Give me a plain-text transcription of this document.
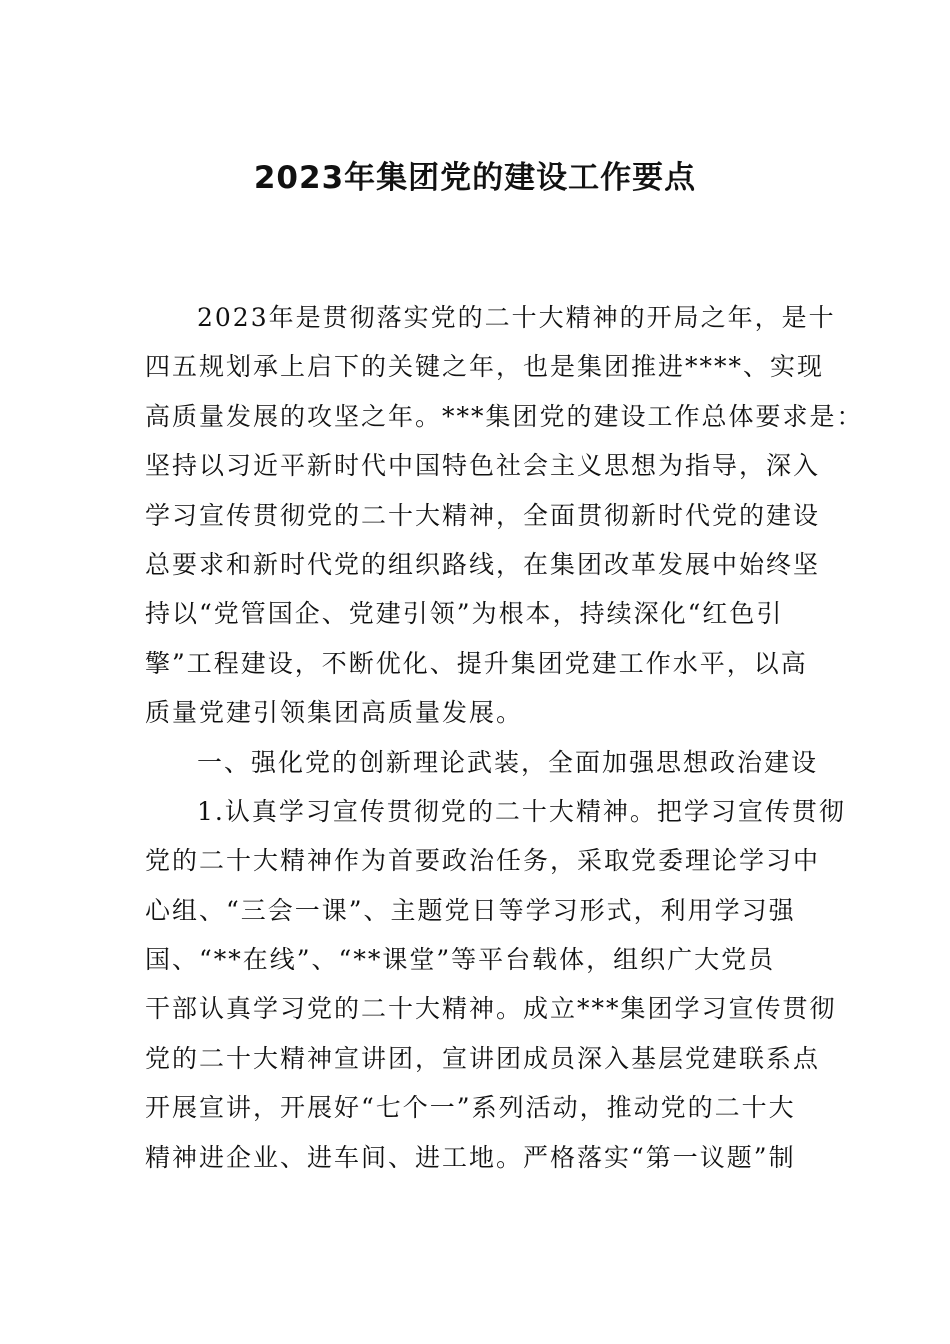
2023年集团党的建设工作要点
2023年是贯彻落实党的二十大精神的开局之年，是十
四五规划承上启下的关键之年，也是集团推进****、实现
高质量发展的攻坚之年。***集团党的建设工作总体要求是：
坚持以习近平新时代中国特色社会主义思想为指导，深入
学习宣传贯彻党的二十大精神，全面贯彻新时代党的建设
总要求和新时代党的组织路线，在集团改革发展中始终坚
持以“党管国企、党建引领”为根本，持续深化“红色引
擎”工程建设，不断优化、提升集团党建工作水平，以高
质量党建引领集团高质量发展。
一、强化党的创新理论武装，全面加强思想政治建设
1.认真学习宣传贯彻党的二十大精神。把学习宣传贯彻
党的二十大精神作为首要政治任务，采取党委理论学习中
心组、“三会一课”、主题党日等学习形式，利用学习强
国、“**在线”、“**课堂”等平台载体，组织广大党员
干部认真学习党的二十大精神。成立***集团学习宣传贯彻
党的二十大精神宣讲团，宣讲团成员深入基层党建联系点
开展宣讲，开展好“七个一”系列活动，推动党的二十大
精神进企业、进车间、进工地。严格落实“第一议题”制
